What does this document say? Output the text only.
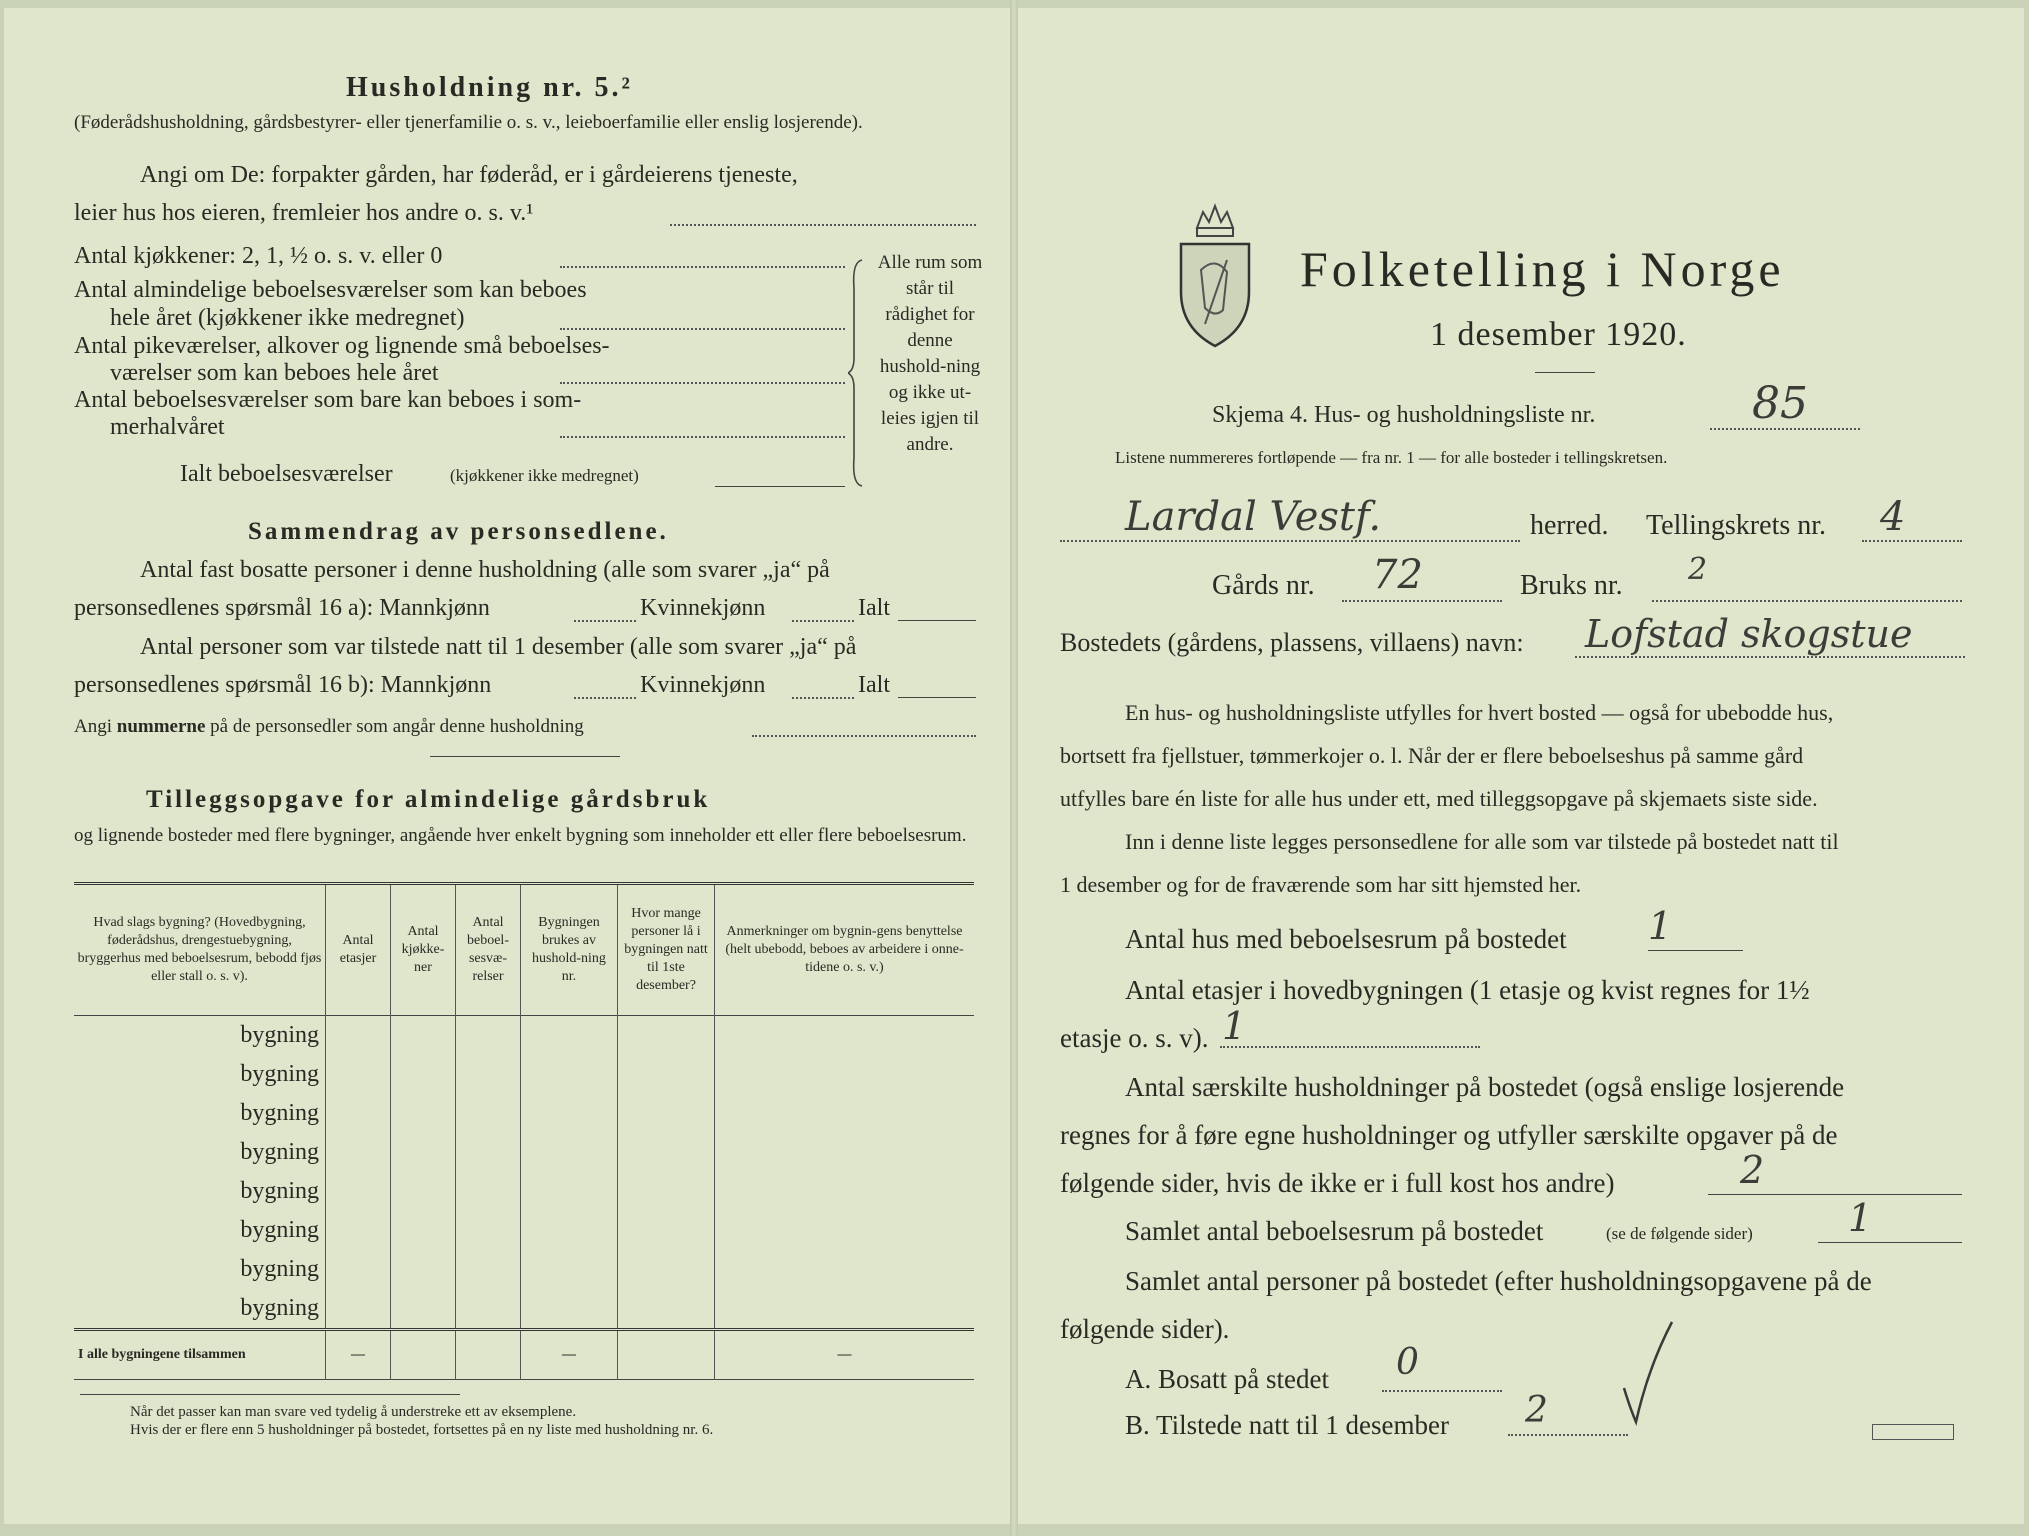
Husholdning nr. 5.²
(Føderådshusholdning, gårdsbestyrer- eller tjenerfamilie o. s. v., leieboerfamilie eller enslig losjerende).
Angi om De: forpakter gården, har føderåd, er i gårdeierens tjeneste,
leier hus hos eieren, fremleier hos andre o. s. v.¹
Antal kjøkkener: 2, 1, ½ o. s. v. eller 0
Antal almindelige beboelsesværelser som kan beboes
hele året (kjøkkener ikke medregnet)
Antal pikeværelser, alkover og lignende små beboelses-
værelser som kan beboes hele året
Antal beboelsesværelser som bare kan beboes i som-
merhalvåret
Ialt beboelsesværelser	(kjøkkener ikke medregnet)
Alle rum som står til rådighet for denne hushold-ning og ikke ut-leies igjen til andre.
Sammendrag av personsedlene.
Antal fast bosatte personer i denne husholdning (alle som svarer „ja“ på
personsedlenes spørsmål 16 a): Mannkjønn	Kvinnekjønn	Ialt
Antal personer som var tilstede natt til 1 desember (alle som svarer „ja“ på
personsedlenes spørsmål 16 b): Mannkjønn	Kvinnekjønn	Ialt
Angi nummerne på de personsedler som angår denne husholdning
Tilleggsopgave for almindelige gårdsbruk
og lignende bosteder med flere bygninger, angående hver enkelt bygning som inneholder ett eller flere beboelsesrum.
Hvad slags bygning? (Hovedbygning, føderådshus, drengestuebygning, bryggerhus med beboelsesrum, bebodd fjøs eller stall o. s. v).	Antal etasjer	Antal kjøkke-ner	Antal beboel-sesvæ-relser	Bygningen brukes av hushold-ning nr.	Hvor mange personer lå i bygningen natt til 1ste desember?	Anmerkninger om bygnin-gens benyttelse (helt ubebodd, beboes av arbeidere i onne-tidene o. s. v.)
bygning						
bygning						
bygning						
bygning						
bygning						
bygning						
bygning						
bygning						
I alle bygningene tilsammen	—			—		—
Når det passer kan man svare ved tydelig å understreke ett av eksemplene.
Hvis der er flere enn 5 husholdninger på bostedet, fortsettes på en ny liste med husholdning nr. 6.
Folketelling i Norge
1 desember 1920.
Skjema 4. Hus- og husholdningsliste nr.	85
Listene nummereres fortløpende — fra nr. 1 — for alle bosteder i tellingskretsen.
Lardal Vestf.	herred. Tellingskrets nr. 4
Gårds nr. 72	Bruks nr. 2
Bostedets (gårdens, plassens, villaens) navn: Lofstad skogstue
En hus- og husholdningsliste utfylles for hvert bosted — også for ubebodde hus,
bortsett fra fjellstuer, tømmerkojer o. l. Når der er flere beboelseshus på samme gård
utfylles bare én liste for alle hus under ett, med tilleggsopgave på skjemaets siste side.
Inn i denne liste legges personsedlene for alle som var tilstede på bostedet natt til
1 desember og for de fraværende som har sitt hjemsted her.
Antal hus med beboelsesrum på bostedet 1
Antal etasjer i hovedbygningen (1 etasje og kvist regnes for 1½
etasje o. s. v). 1
Antal særskilte husholdninger på bostedet (også enslige losjerende
regnes for å føre egne husholdninger og utfyller særskilte opgaver på de
følgende sider, hvis de ikke er i full kost hos andre)	2
Samlet antal beboelsesrum på bostedet	(se de følgende sider)	1
Samlet antal personer på bostedet (efter husholdningsopgavene på de
følgende sider).
A. Bosatt på stedet 0
B. Tilstede natt til 1 desember 2
